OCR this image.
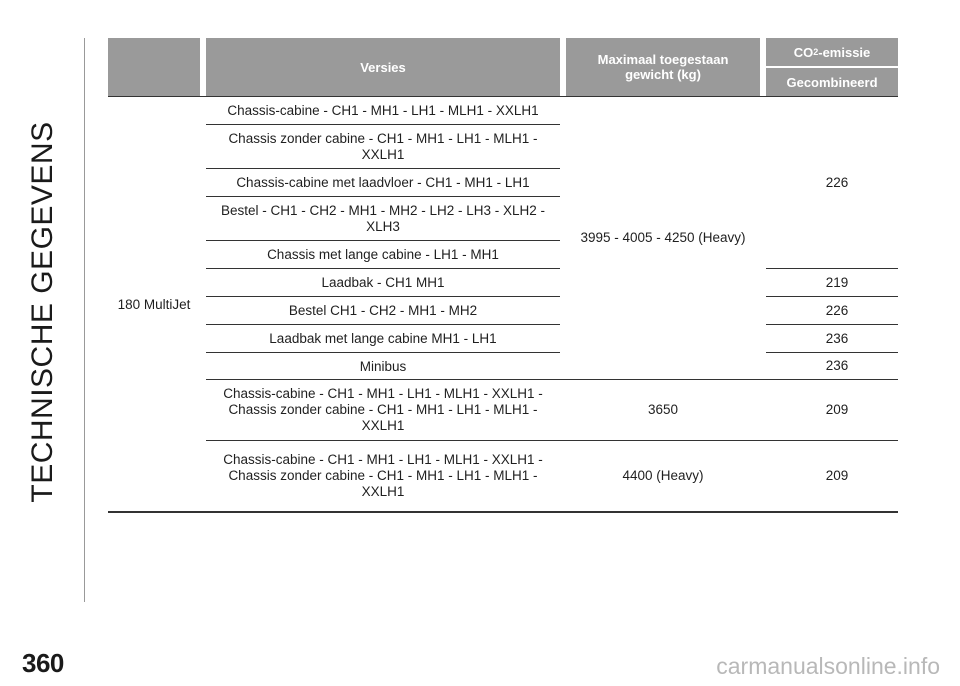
TECHNISCHE GEGEVENS
Versies	Maximaal toegestaan gewicht (kg)
CO 2 -emissie
Gecombineerd
180 MultiJet
Chassis-cabine - CH1 - MH1 - LH1 - MLH1 - XXLH1
Chassis zonder cabine - CH1 - MH1 - LH1 - MLH1 - XXLH1
Chassis-cabine met laadvloer - CH1 - MH1 - LH1
Bestel - CH1 - CH2 - MH1 - MH2 - LH2 - LH3 - XLH2 - XLH3
Chassis met lange cabine - LH1 - MH1
Laadbak - CH1 MH1
Bestel CH1 - CH2 - MH1 - MH2
Laadbak met lange cabine MH1 - LH1
Minibus
Chassis-cabine - CH1 - MH1 - LH1 - MLH1 - XXLH1 - Chassis zonder cabine - CH1 - MH1 - LH1 - MLH1 - XXLH1
Chassis-cabine - CH1 - MH1 - LH1 - MLH1 - XXLH1 - Chassis zonder cabine - CH1 - MH1 - LH1 - MLH1 - XXLH1
3995 - 4005 - 4250 (Heavy)
3650
4400 (Heavy)
226
219
226
236
236
209
209
360	carmanualsonline.info
